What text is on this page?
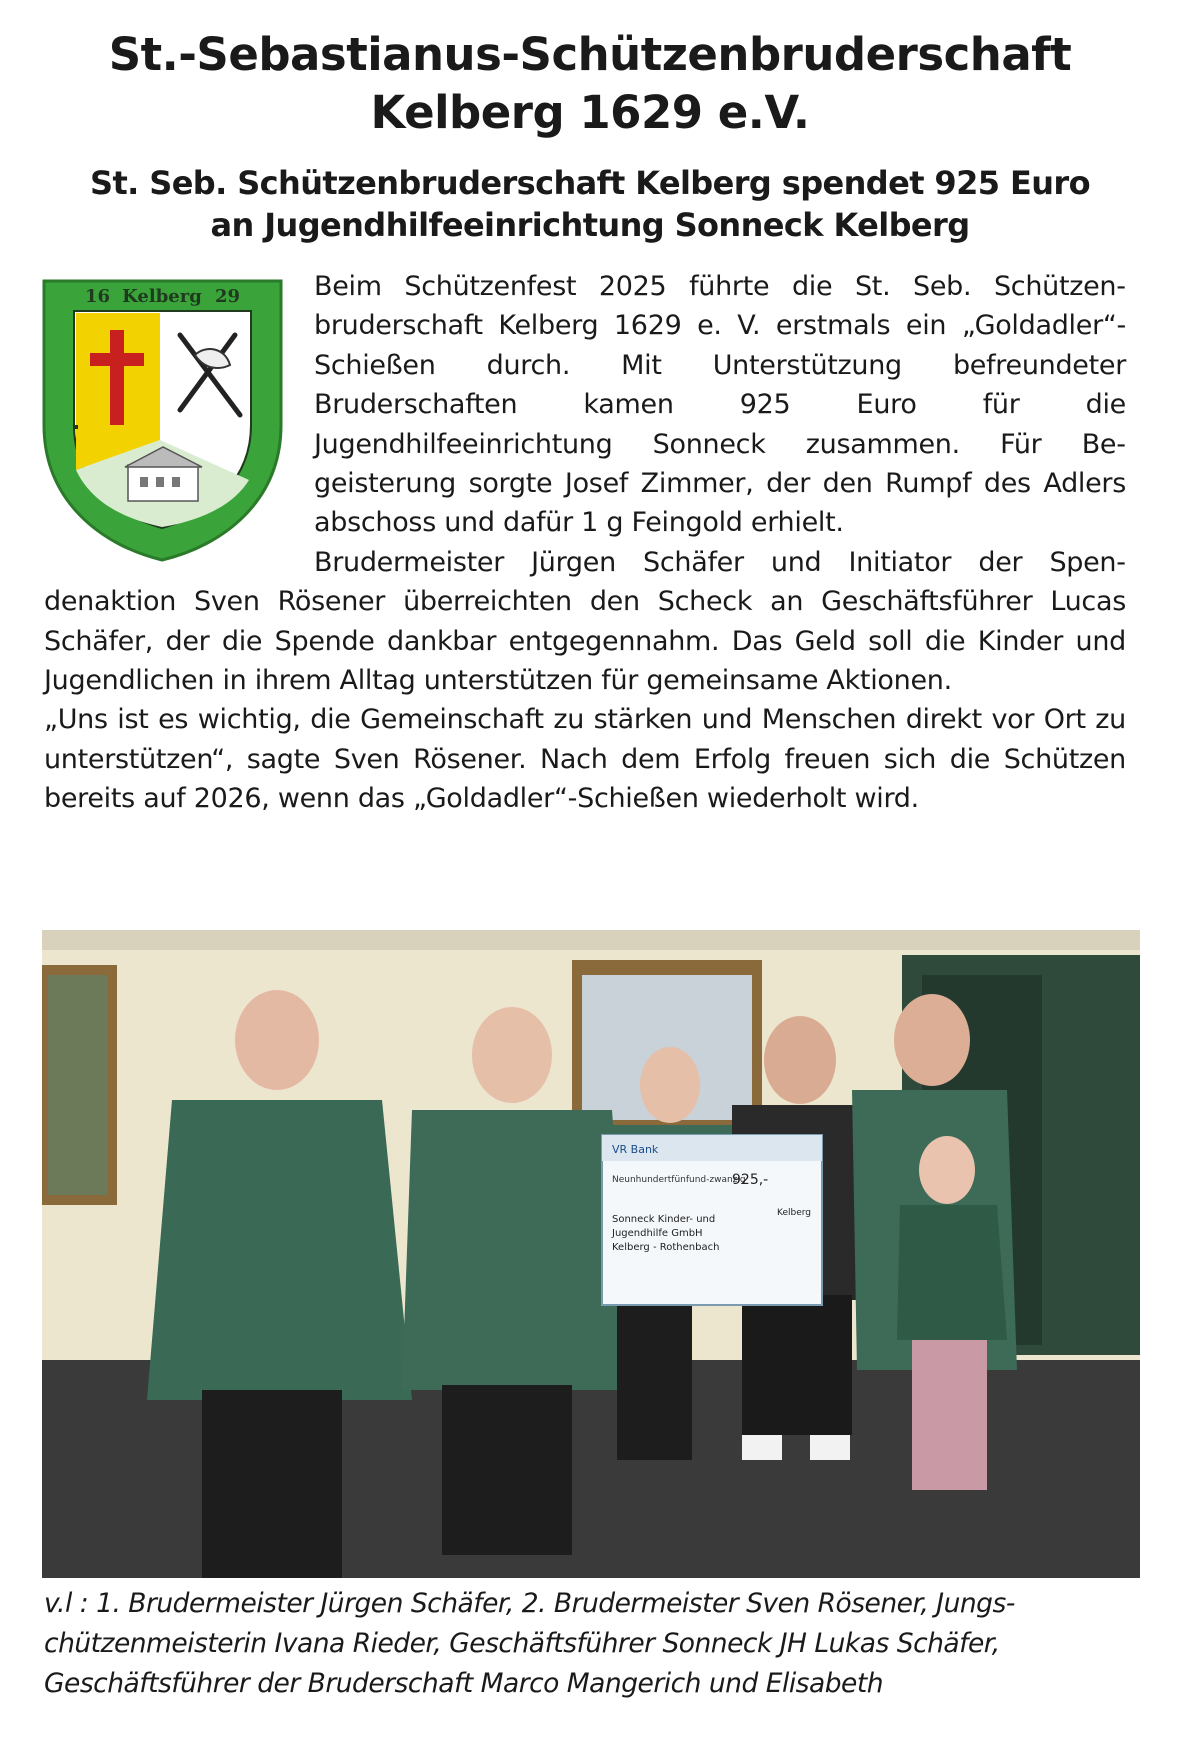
St.-Sebastianus-Schützenbruderschaft
Kelberg 1629 e.V.
St. Seb. Schützenbruderschaft Kelberg spendet 925 Euro
an Jugendhilfeeinrichtung Sonneck Kelberg
16 Kelberg 29	Beim Schützenfest 2025 führte die St. Seb. Schützenbruderschaft Kelberg 1629 e. V. erstmals ein „Goldadler“-Schießen durch. Mit Unterstützung befreundeter Bruderschaften kamen 925 Euro für die Jugendhilfeeinrichtung Sonneck zusammen. Für Begeisterung sorgte Josef Zimmer, der den Rumpf des Adlers abschoss und dafür 1 g Feingold erhielt.

Brudermeister Jürgen Schäfer und Initiator der Spendenaktion Sven Rösener überreichten den Scheck an Geschäftsführer Lucas Schäfer, der die Spende dankbar entgegennahm. Das Geld soll die Kinder und Jugendlichen in ihrem Alltag unterstützen für gemeinsame Aktionen.

„Uns ist es wichtig, die Gemeinschaft zu stärken und Menschen direkt vor Ort zu unterstützen“, sagte Sven Rösener. Nach dem Erfolg freuen sich die Schützen bereits auf 2026, wenn das „Goldadler“-Schießen wiederholt wird.

VR Bank
Neunhundertfünfund-zwanzig
925,-
Sonneck Kinder- und
Jugendhilfe GmbH
Kelberg - Rothenbach
Kelberg
v.l : 1. Brudermeister Jürgen Schäfer, 2. Brudermeister Sven Rösener, Jungschützenmeisterin Ivana Rieder, Geschäftsführer Sonneck JH Lukas Schäfer, Geschäftsführer der Bruderschaft Marco Mangerich und Elisabeth
